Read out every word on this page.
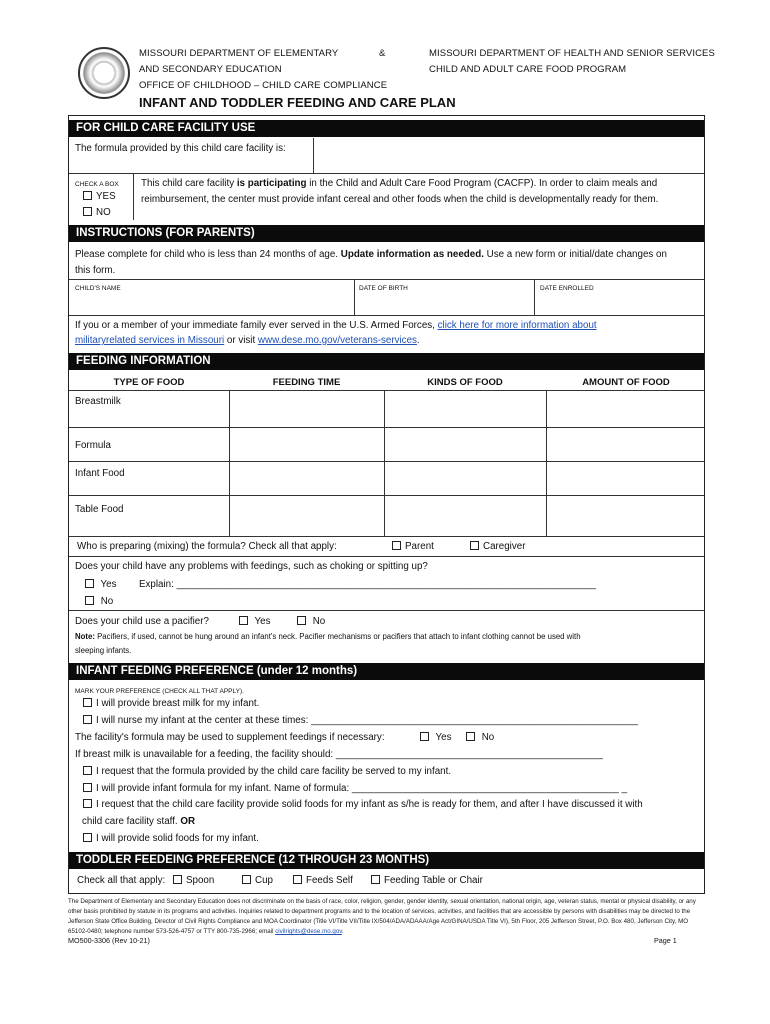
MISSOURI DEPARTMENT OF ELEMENTARY
AND SECONDARY EDUCATION
OFFICE OF CHILDHOOD – CHILD CARE COMPLIANCE
&	MISSOURI DEPARTMENT OF HEALTH AND SENIOR SERVICES
CHILD AND ADULT CARE FOOD PROGRAM
INFANT AND TODDLER FEEDING AND CARE PLAN
FOR CHILD CARE FACILITY USE
The formula provided by this child care facility is:
CHECK A BOX
YES
NO
This child care facility is participating in the Child and Adult Care Food Program (CACFP). In order to claim meals and
reimbursement, the center must provide infant cereal and other foods when the child is developmentally ready for them.
INSTRUCTIONS (FOR PARENTS)
Please complete for child who is less than 24 months of age. Update information as needed. Use a new form or initial/date changes on
this form.
CHILD'S NAME	DATE OF BIRTH	DATE ENROLLED
If you or a member of your immediate family ever served in the U.S. Armed Forces, click here for more information about
militaryrelated services in Missouri or visit www.dese.mo.gov/veterans-services.
FEEDING INFORMATION
TYPE OF FOOD	FEEDING TIME	KINDS OF FOOD	AMOUNT OF FOOD
Breastmilk
Formula
Infant Food
Table Food
Who is preparing (mixing) the formula? Check all that apply:	Parent	Caregiver
Does your child have any problems with feedings, such as choking or spitting up?
Yes Explain: _____________________________________________________________________________
No
Does your child use a pacifier?	Yes	No
Note: Pacifiers, if used, cannot be hung around an infant's neck. Pacifier mechanisms or pacifiers that attach to infant clothing cannot be used with
sleeping infants.
INFANT FEEDING PREFERENCE (under 12 months)
MARK YOUR PREFERENCE (CHECK ALL THAT APPLY).
I will provide breast milk for my infant.
I will nurse my infant at the center at these times: ____________________________________________________________
The facility's formula may be used to supplement feedings if necessary:	Yes	No
If breast milk is unavailable for a feeding, the facility should: _________________________________________________
I request that the formula provided by the child care facility be served to my infant.
I will provide infant formula for my infant. Name of formula: _________________________________________________ _
I request that the child care facility provide solid foods for my infant as s/he is ready for them, and after I have discussed it with
child care facility staff. OR
I will provide solid foods for my infant.
TODDLER FEEDEING PREFERENCE (12 THROUGH 23 MONTHS)
Check all that apply:	Spoon	Cup	Feeds Self	Feeding Table or Chair
The Department of Elementary and Secondary Education does not discriminate on the basis of race, color, religion, gender, gender identity, sexual orientation, national origin, age, veteran status, mental or physical disability, or any other basis prohibited by statute in its programs and activities. Inquiries related to department programs and to the location of services, activities, and facilities that are accessible by persons with disabilities may be directed to the Jefferson State Office Building, Director of Civil Rights Compliance and MOA Coordinator (Title VI/Title VII/Title IX/504/ADA/ADAAA/Age Act/GINA/USDA Title VI), 5th Floor, 205 Jefferson Street, P.O. Box 480, Jefferson City, MO 65102-0480; telephone number 573-526-4757 or TTY 800-735-2966; email civilrights@dese.mo.gov.
MO500-3306 (Rev 10-21)	Page 1
